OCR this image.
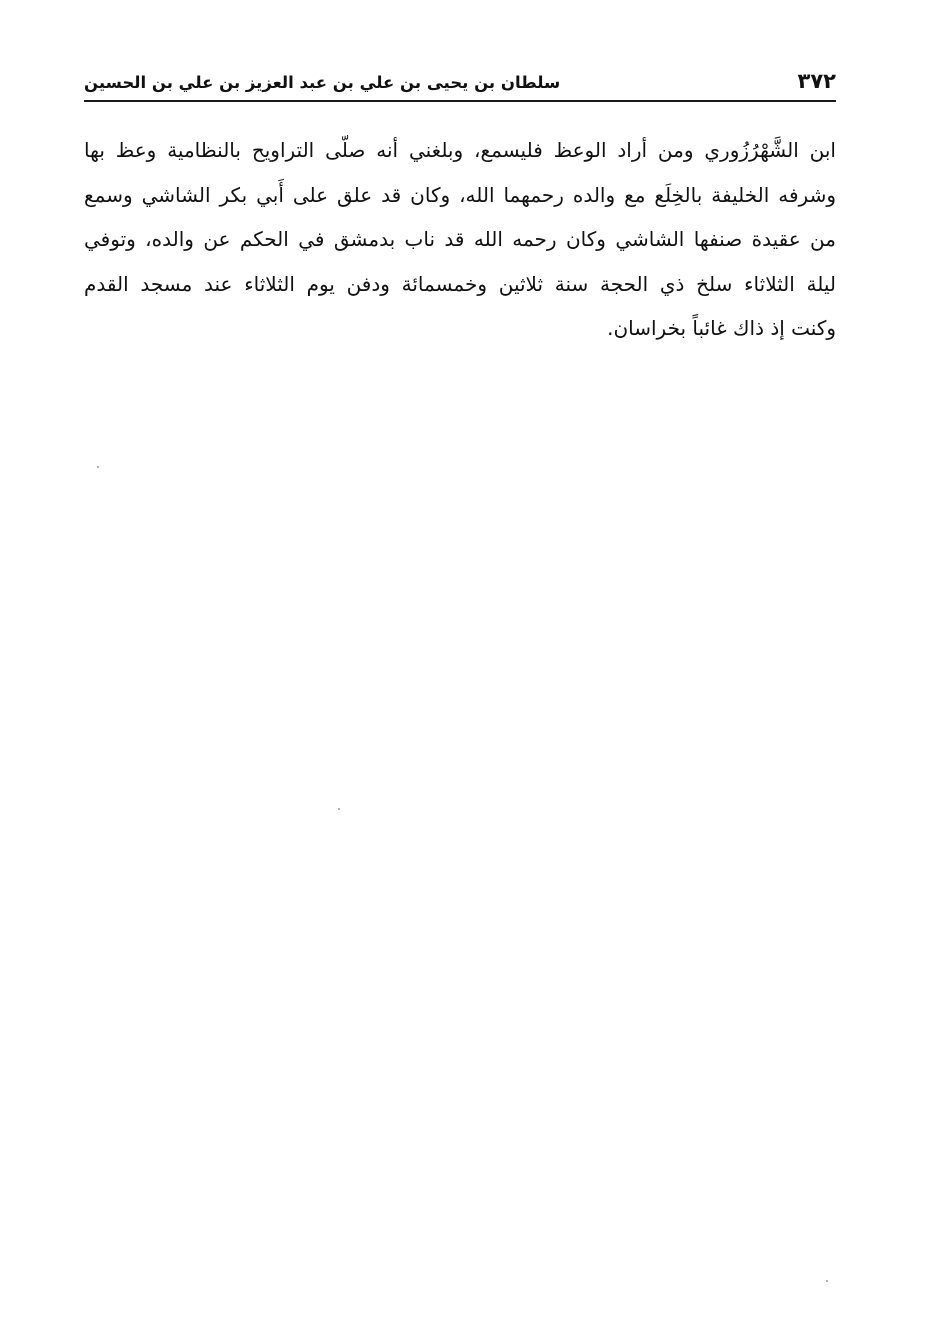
٣٧٢
سلطان بن يحيى بن علي بن عبد العزيز بن علي بن الحسين
ابن الشَّهْرُزُوري ومن أراد الوعظ فليسمع، وبلغني أنه صلّى التراويح بالنظامية وعظ بها
وشرفه الخليفة بالخِلَع مع والده رحمهما الله، وكان قد علق على أَبي بكر الشاشي وسمع
من عقيدة صنفها الشاشي وكان رحمه الله قد ناب بدمشق في الحكم عن والده، وتوفي
ليلة الثلاثاء سلخ ذي الحجة سنة ثلاثين وخمسمائة ودفن يوم الثلاثاء عند مسجد القدم
وكنت إذ ذاك غائباً بخراسان.
